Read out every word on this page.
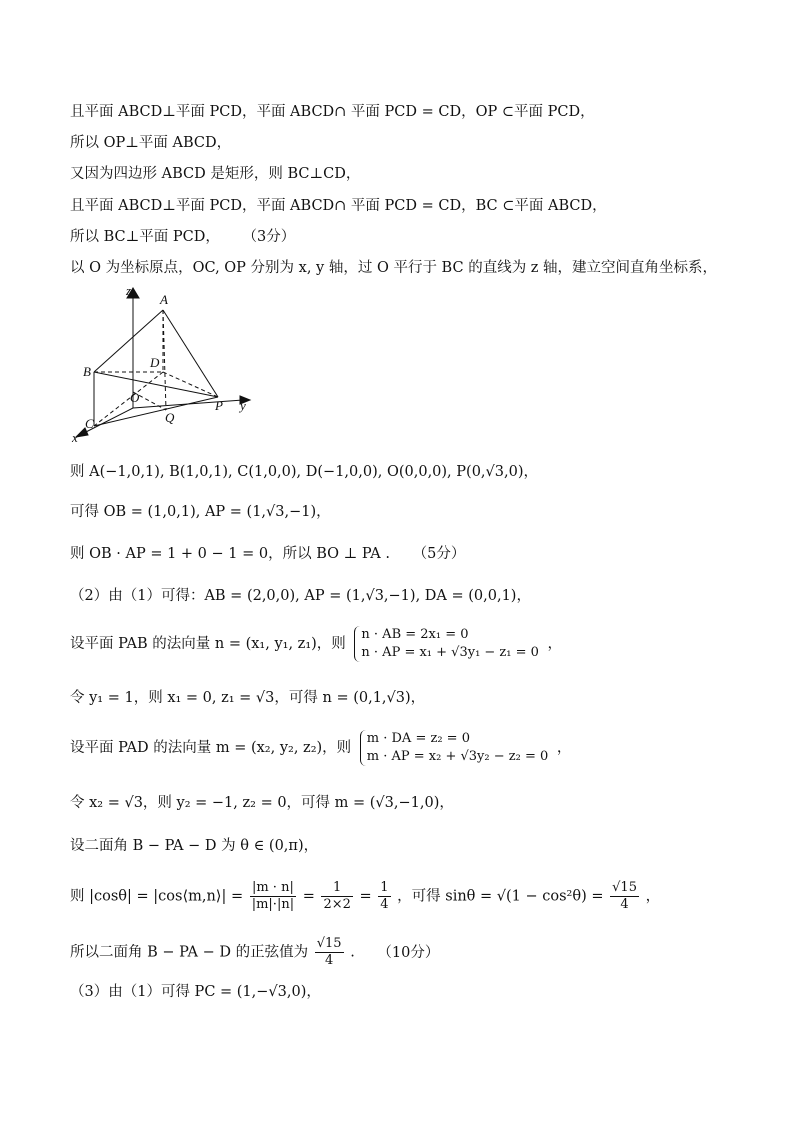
且平面 ABCD⊥平面 PCD，平面 ABCD∩ 平面 PCD = CD，OP ⊂平面 PCD，
所以 OP⊥平面 ABCD，
又因为四边形 ABCD 是矩形，则 BC⊥CD，
且平面 ABCD⊥平面 PCD，平面 ABCD∩ 平面 PCD = CD，BC ⊂平面 ABCD，
所以 BC⊥平面 PCD， （3分）
以 O 为坐标原点，OC, OP 分别为 x, y 轴，过 O 平行于 BC 的直线为 z 轴，建立空间直角坐标系，
z
A
B
D
O
Q
P y
C
x
则 A(−1,0,1), B(1,0,1), C(1,0,0), D(−1,0,0), O(0,0,0), P(0,√3,0)，
可得 OB = (1,0,1), AP = (1,√3,−1)，
则 OB · AP = 1 + 0 − 1 = 0，所以 BO ⊥ PA . （5分）
（2）由（1）可得：AB = (2,0,0), AP = (1,√3,−1), DA = (0,0,1)，
设平面 PAB 的法向量 n = (x₁, y₁, z₁)，则
n · AB = 2x₁ = 0
n · AP = x₁ + √3y₁ − z₁ = 0
，
令 y₁ = 1，则 x₁ = 0, z₁ = √3，可得 n = (0,1,√3)，
设平面 PAD 的法向量 m = (x₂, y₂, z₂)，则
m · DA = z₂ = 0
m · AP = x₂ + √3y₂ − z₂ = 0
，
令 x₂ = √3，则 y₂ = −1, z₂ = 0，可得 m = (√3,−1,0)，
设二面角 B − PA − D 为 θ ∈ (0,π)，
则 |cosθ| = |cos⟨m,n⟩| = $\frac{|m \cdot n|}{|m|\cdot|n|} = \frac{1}{2\times 2} = \frac{1}{4}$ ，可得 $\sin\theta = √(1 - \cos^2\theta) = \frac{√15}{4}$ ，
所以二面角 B − PA − D 的正弦值为 $\frac{√15}{4}$ . （10分）
（3）由（1）可得 PC = (1,−√3,0)，
